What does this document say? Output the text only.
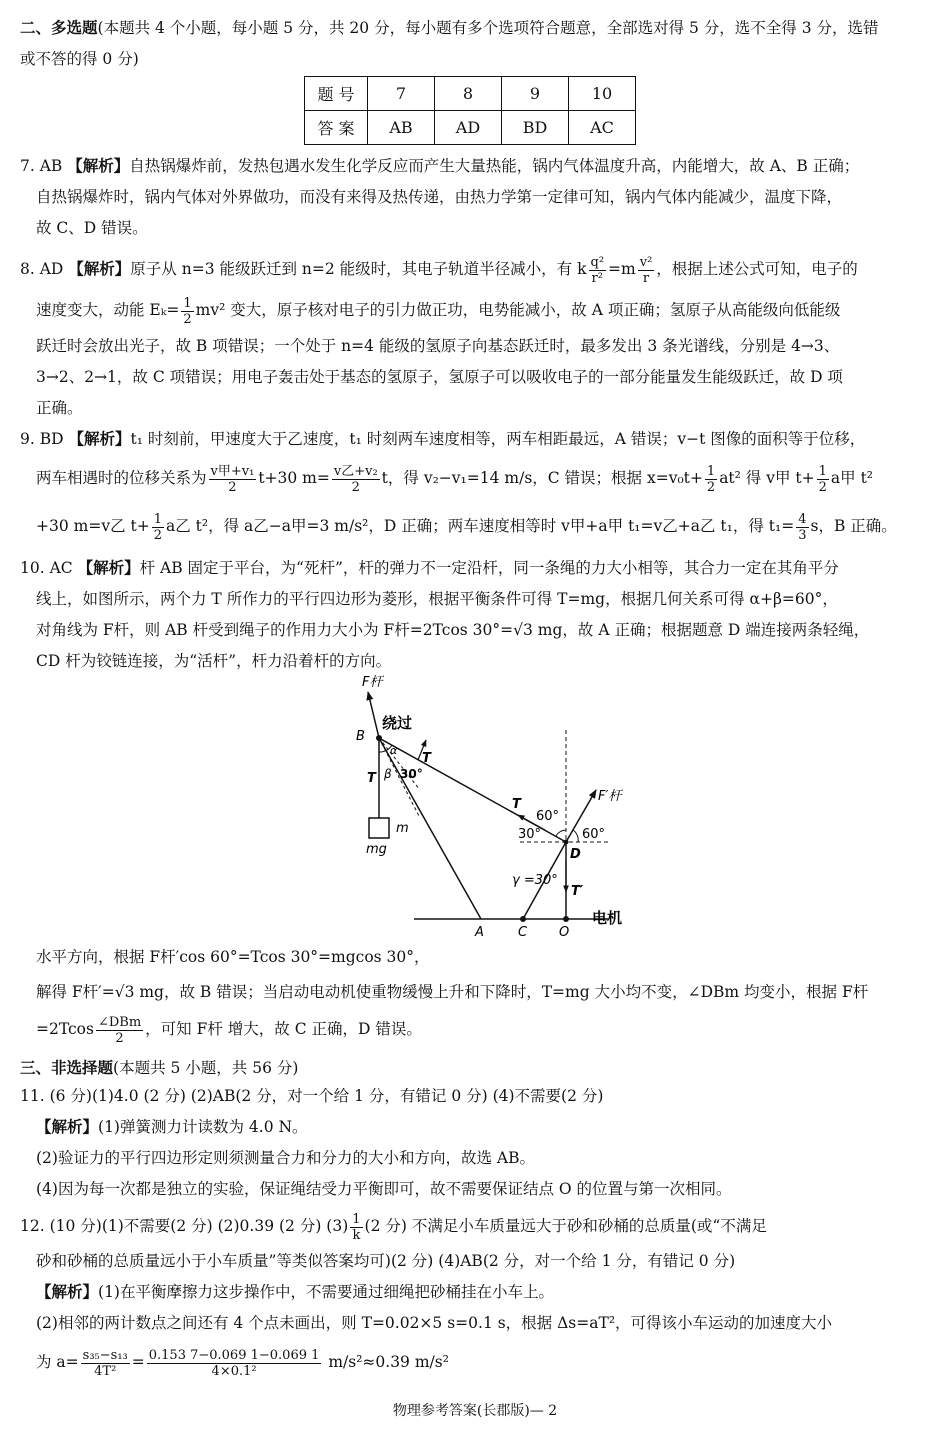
二、多选题(本题共 4 个小题，每小题 5 分，共 20 分，每小题有多个选项符合题意，全部选对得 5 分，选不全得 3 分，选错
或不答的得 0 分)
题 号	7	8	9	10
答 案	AB	AD	BD	AC
7. AB 【解析】自热锅爆炸前，发热包遇水发生化学反应而产生大量热能，锅内气体温度升高，内能增大，故 A、B 正确；
自热锅爆炸时，锅内气体对外界做功，而没有来得及热传递，由热力学第一定律可知，锅内气体内能减少，温度下降，
故 C、D 错误。
8. AD 【解析】原子从 n=3 能级跃迁到 n=2 能级时，其电子轨道半径减小，有 k $\frac{\text{q²}}{\text{r²}} =m \frac{\text{v²}}{r}$ ，根据上述公式可知，电子的
速度变大，动能 $E_k= \frac{1}{2} mv^2$ 变大，原子核对电子的引力做正功，电势能减小，故 A 项正确；氢原子从高能级向低能级
跃迁时会放出光子，故 B 项错误；一个处于 n=4 能级的氢原子向基态跃迁时，最多发出 3 条光谱线，分别是 4→3、
3→2、2→1，故 C 项错误；用电子轰击处于基态的氢原子，氢原子可以吸收电子的一部分能量发生能级跃迁，故 D 项
正确。
9. BD 【解析】t₁ 时刻前，甲速度大于乙速度，t₁ 时刻两车速度相等，两车相距最远，A 错误；v−t 图像的面积等于位移，
两车相遇时的位移关系为 $\frac{\text{v甲+v₁}}{2} t+30$ $m= \frac{\text{v乙+v₂}}{2}$ t，得 v₂−v₁=14 m/s，C 错误；根据 $x=v_0t+ \frac{1}{2} at^2$ 得 v甲 $t+ \frac{1}{2}$ a甲 t²
+30 m=v乙 $t+ \frac{1}{2}$ a乙 t²，得 a乙−a甲=3 m/s²，D 正确；两车速度相等时 v甲+a甲 t₁=v乙+a乙 t₁，得 $t_1= \frac{4}{3}$ s，B 正确。
10. AC 【解析】杆 AB 固定于平台，为“死杆”，杆的弹力不一定沿杆，同一条绳的力大小相等，其合力一定在其角平分
线上，如图所示，两个力 T 所作力的平行四边形为菱形，根据平衡条件可得 T=mg，根据几何关系可得 α+β=60°，
对角线为 F杆，则 AB 杆受到绳子的作用力大小为 F杆=2Tcos 30°=√3 mg，故 A 正确；根据题意 D 端连接两条轻绳，
CD 杆为铰链连接，为“活杆”，杆力沿着杆的方向。
F杆
绕过
B
T
T β
α
30°
m
mg
T
60°
30°
F′杆
60°
D
γ =30°
T′
A	C O
电机
水平方向，根据 F杆′cos 60°=Tcos 30°=mgcos 30°，
解得 F杆′=√3 mg，故 B 错误；当启动电动机使重物缓慢上升和下降时，T=mg 大小均不变，∠DBm 均变小，根据 F杆
$=2Tcos \frac{\text{∠DBm}}{2}$ ，可知 F杆 增大，故 C 正确，D 错误。
三、非选择题(本题共 5 小题，共 56 分)
11. (6 分)(1)4.0 (2 分) (2)AB(2 分，对一个给 1 分，有错记 0 分) (4)不需要(2 分)
【解析】(1)弹簧测力计读数为 4.0 N。
(2)验证力的平行四边形定则须测量合力和分力的大小和方向，故选 AB。
(4)因为每一次都是独立的实验，保证绳结受力平衡即可，故不需要保证结点 O 的位置与第一次相同。
12. (10 分)(1)不需要(2 分) (2)0.39 (2 分) $(3) \frac{1}{k} (2$ 分) 不满足小车质量远大于砂和砂桶的总质量(或“不满足
砂和砂桶的总质量远小于小车质量”等类似答案均可)(2 分) (4)AB(2 分，对一个给 1 分，有错记 0 分)
【解析】(1)在平衡摩擦力这步操作中，不需要通过细绳把砂桶挂在小车上。
(2)相邻的两计数点之间还有 4 个点未画出，则 T=0.02×5 s=0.1 s，根据 Δs=aT²，可得该小车运动的加速度大小
为 $a= \frac{\text{s₃₅−s₁₃}}{\text{4T²}} = \frac{0.153 7-0.069 1-0.069 1}{\text{4×0.1²}} m/s^2\approx 0.39$ m/s²
物理参考答案(长郡版)— 2
